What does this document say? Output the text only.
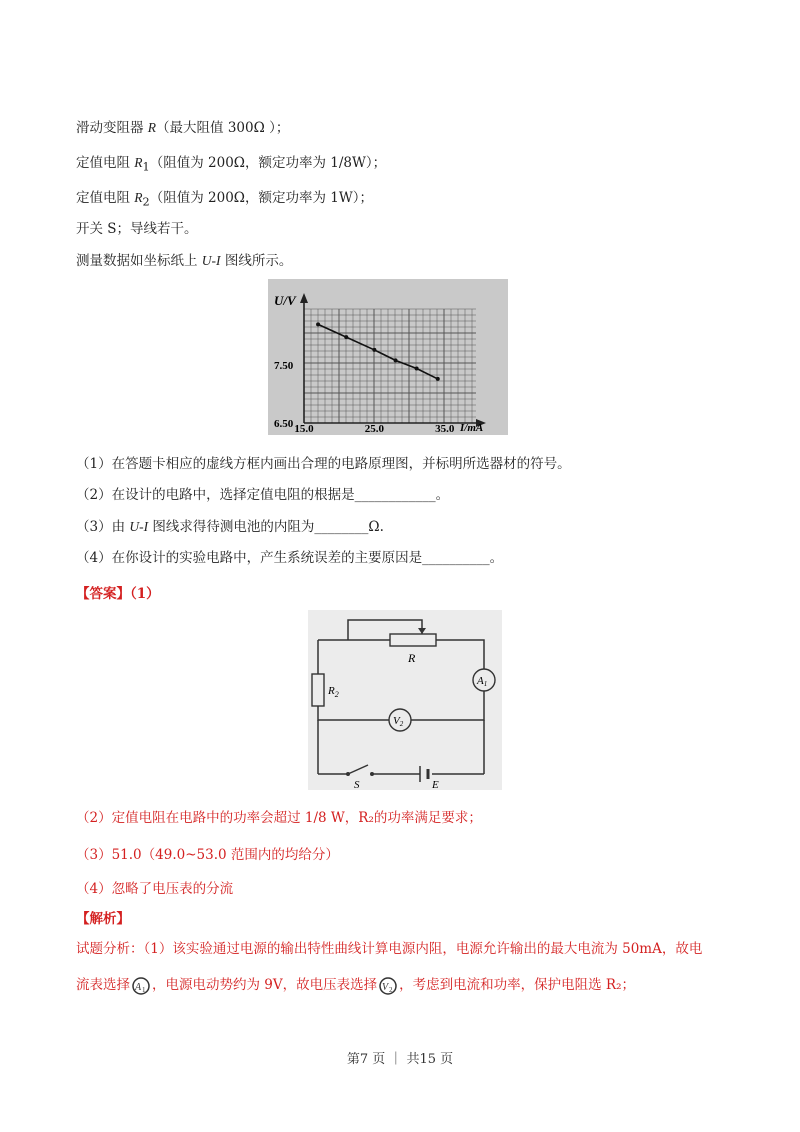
滑动变阻器 R（最大阻值 300Ω ）；
定值电阻 $R_1$（阻值为 200Ω，额定功率为 1/8W）；
定值电阻 $R_2$（阻值为 200Ω，额定功率为 1W）；
开关 S；导线若干。
测量数据如坐标纸上 U-I 图线所示。
U/V
I/mA
7.50
6.50 15.0	25.0	35.0
（1）在答题卡相应的虚线方框内画出合理的电路原理图，并标明所选器材的符号。
（2）在设计的电路中，选择定值电阻的根据是____________。
（3）由 U-I 图线求得待测电池的内阻为________Ω.
（4）在你设计的实验电路中，产生系统误差的主要原因是__________。
【答案】（1）
R
$R_2$
A1
V2
S	E
（2）定值电阻在电路中的功率会超过 1/8 W，R₂的功率满足要求；
（3）51.0（49.0~53.0 范围内的均给分）
（4）忽略了电压表的分流
【解析】
试题分析：（1）该实验通过电源的输出特性曲线计算电源内阻，电源允许输出的最大电流为 50mA，故电
流表选择 A 1 ，电源电动势约为 9V，故电压表选择 V 2 ，考虑到电流和功率，保护电阻选 R₂；
第7 页 ｜ 共15 页
